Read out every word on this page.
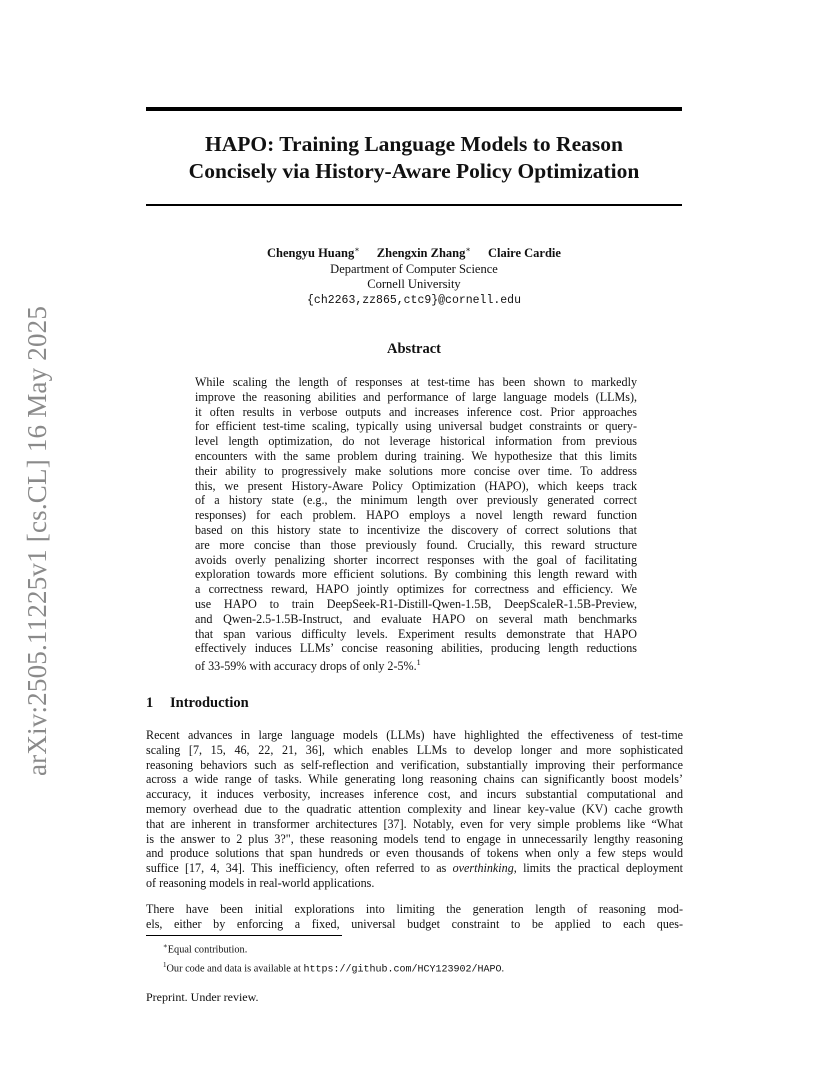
arXiv:2505.11225v1 [cs.CL] 16 May 2025
HAPO: Training Language Models to Reason
Concisely via History-Aware Policy Optimization
Chengyu Huang∗ Zhengxin Zhang∗ Claire Cardie
Department of Computer Science
Cornell University
{ch2263,zz865,ctc9}@cornell.edu
Abstract
While scaling the length of responses at test-time has been shown to markedly
improve the reasoning abilities and performance of large language models (LLMs),
it often results in verbose outputs and increases inference cost. Prior approaches
for efficient test-time scaling, typically using universal budget constraints or query-
level length optimization, do not leverage historical information from previous
encounters with the same problem during training. We hypothesize that this limits
their ability to progressively make solutions more concise over time. To address
this, we present History-Aware Policy Optimization (HAPO), which keeps track
of a history state (e.g., the minimum length over previously generated correct
responses) for each problem. HAPO employs a novel length reward function
based on this history state to incentivize the discovery of correct solutions that
are more concise than those previously found. Crucially, this reward structure
avoids overly penalizing shorter incorrect responses with the goal of facilitating
exploration towards more efficient solutions. By combining this length reward with
a correctness reward, HAPO jointly optimizes for correctness and efficiency. We
use HAPO to train DeepSeek-R1-Distill-Qwen-1.5B, DeepScaleR-1.5B-Preview,
and Qwen-2.5-1.5B-Instruct, and evaluate HAPO on several math benchmarks
that span various difficulty levels. Experiment results demonstrate that HAPO
effectively induces LLMs’ concise reasoning abilities, producing length reductions
of 33-59% with accuracy drops of only 2-5%.$^1$
1 Introduction
Recent advances in large language models (LLMs) have highlighted the effectiveness of test-time
scaling [7, 15, 46, 22, 21, 36], which enables LLMs to develop longer and more sophisticated
reasoning behaviors such as self-reflection and verification, substantially improving their performance
across a wide range of tasks. While generating long reasoning chains can significantly boost models’
accuracy, it induces verbosity, increases inference cost, and incurs substantial computational and
memory overhead due to the quadratic attention complexity and linear key-value (KV) cache growth
that are inherent in transformer architectures [37]. Notably, even for very simple problems like “What
is the answer to 2 plus 3?", these reasoning models tend to engage in unnecessarily lengthy reasoning
and produce solutions that span hundreds or even thousands of tokens when only a few steps would
suffice [17, 4, 34]. This inefficiency, often referred to as overthinking, limits the practical deployment
of reasoning models in real-world applications.
There have been initial explorations into limiting the generation length of reasoning mod-
els, either by enforcing a fixed, universal budget constraint to be applied to each ques-
∗Equal contribution.
$^1$Our code and data is available at https://github.com/HCY123902/HAPO.
Preprint. Under review.
